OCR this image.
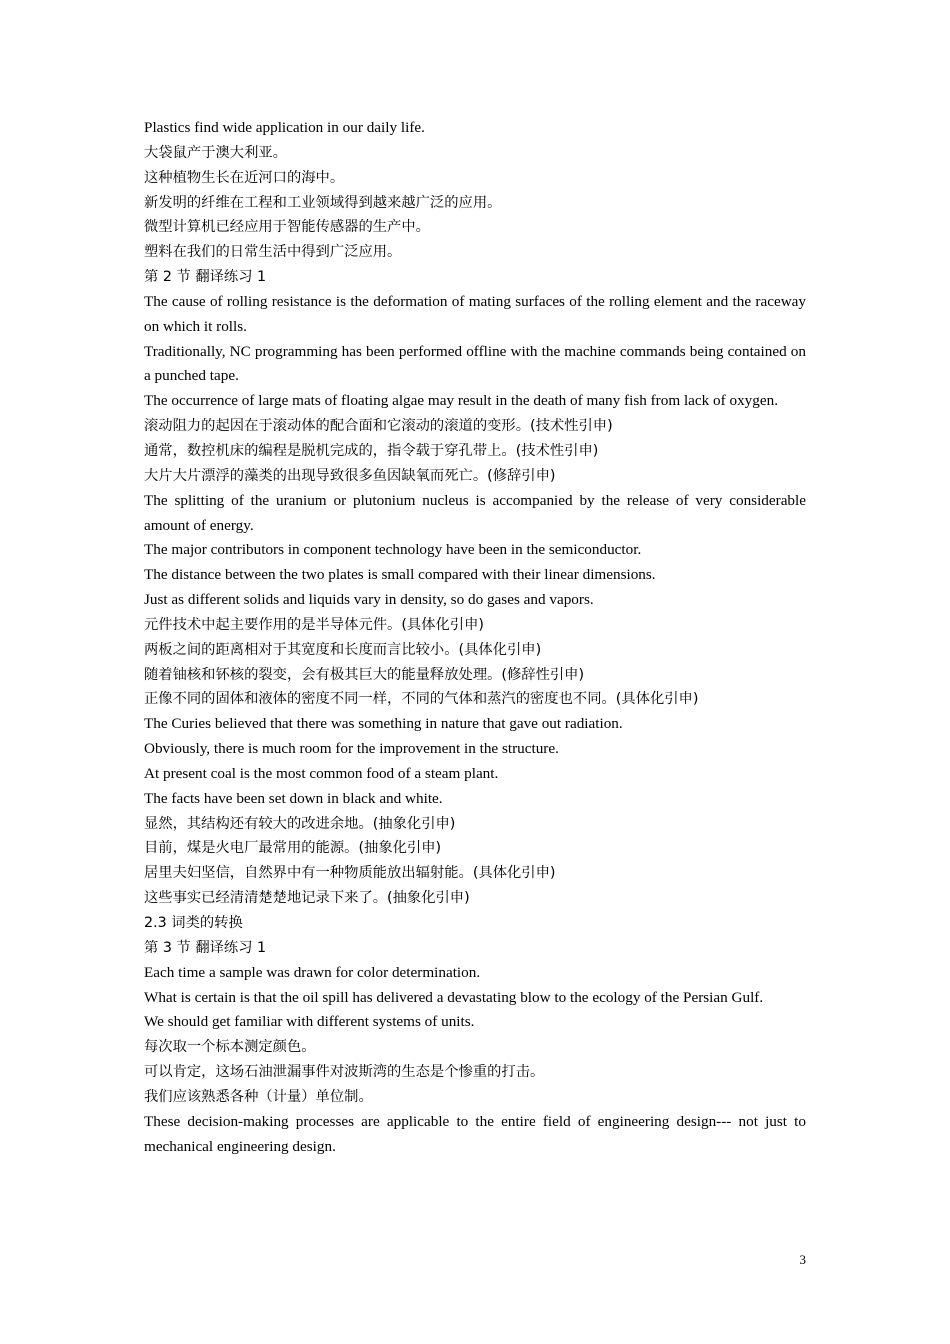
Plastics find wide application in our daily life.

大袋鼠产于澳大利亚。

这种植物生长在近河口的海中。

新发明的纤维在工程和工业领域得到越来越广泛的应用。

微型计算机已经应用于智能传感器的生产中。

塑料在我们的日常生活中得到广泛应用。

第 2 节 翻译练习 1

The cause of rolling resistance is the deformation of mating surfaces of the rolling element and the raceway on which it rolls.

Traditionally, NC programming has been performed offline with the machine commands being contained on a punched tape.

The occurrence of large mats of floating algae may result in the death of many fish from lack of oxygen.

滚动阻力的起因在于滚动体的配合面和它滚动的滚道的变形。(技术性引申)

通常，数控机床的编程是脱机完成的，指令载于穿孔带上。(技术性引申)

大片大片漂浮的藻类的出现导致很多鱼因缺氧而死亡。(修辞引申)

The splitting of the uranium or plutonium nucleus is accompanied by the release of very considerable amount of energy.

The major contributors in component technology have been in the semiconductor.

The distance between the two plates is small compared with their linear dimensions.

Just as different solids and liquids vary in density, so do gases and vapors.

元件技术中起主要作用的是半导体元件。(具体化引申)

两板之间的距离相对于其宽度和长度而言比较小。(具体化引申)

随着铀核和钚核的裂变，会有极其巨大的能量释放处理。(修辞性引申)

正像不同的固体和液体的密度不同一样，不同的气体和蒸汽的密度也不同。(具体化引申)

The Curies believed that there was something in nature that gave out radiation.

Obviously, there is much room for the improvement in the structure.

At present coal is the most common food of a steam plant.

The facts have been set down in black and white.

显然，其结构还有较大的改进余地。(抽象化引申)

目前，煤是火电厂最常用的能源。(抽象化引申)

居里夫妇坚信，自然界中有一种物质能放出辐射能。(具体化引申)

这些事实已经清清楚楚地记录下来了。(抽象化引申)

2.3 词类的转换

第 3 节 翻译练习 1

Each time a sample was drawn for color determination.

What is certain is that the oil spill has delivered a devastating blow to the ecology of the Persian Gulf.

We should get familiar with different systems of units.

每次取一个标本测定颜色。

可以肯定，这场石油泄漏事件对波斯湾的生态是个惨重的打击。

我们应该熟悉各种（计量）单位制。

These decision-making processes are applicable to the entire field of engineering design--- not just to mechanical engineering design.

3
